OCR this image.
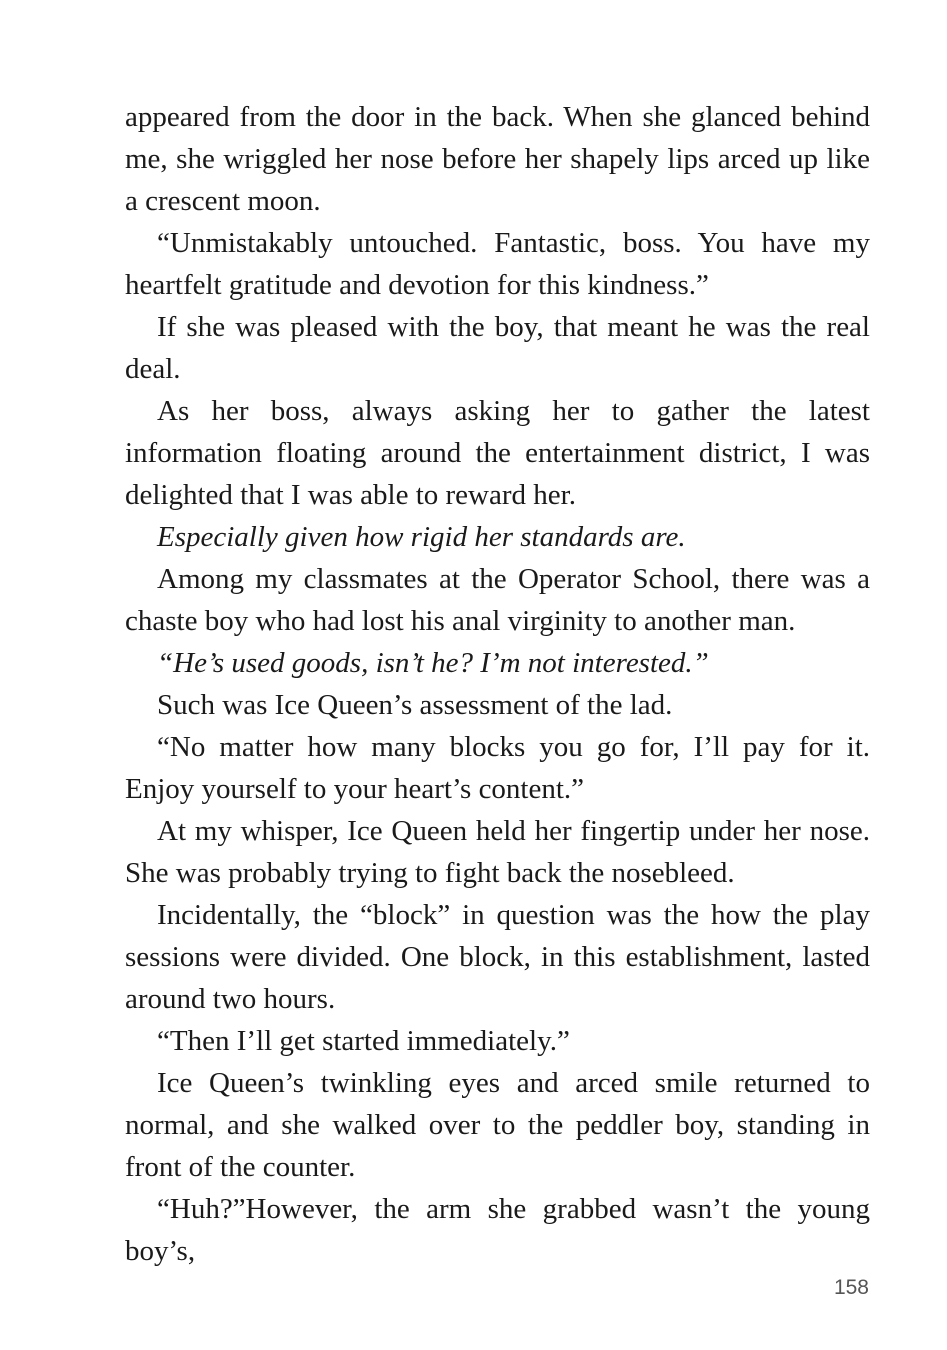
appeared from the door in the back. When she glanced behind me, she wriggled her nose before her shapely lips arced up like a crescent moon.

“Unmistakably untouched. Fantastic, boss. You have my heartfelt gratitude and devotion for this kindness.”

If she was pleased with the boy, that meant he was the real deal.

As her boss, always asking her to gather the latest information floating around the entertainment district, I was delighted that I was able to reward her.

Especially given how rigid her standards are.

Among my classmates at the Operator School, there was a chaste boy who had lost his anal virginity to another man.

“He’s used goods, isn’t he? I’m not interested.”

Such was Ice Queen’s assessment of the lad.

“No matter how many blocks you go for, I’ll pay for it. Enjoy yourself to your heart’s content.”

At my whisper, Ice Queen held her fingertip under her nose. She was probably trying to fight back the nosebleed.

Incidentally, the “block” in question was the how the play sessions were divided. One block, in this establishment, lasted around two hours.

“Then I’ll get started immediately.”

Ice Queen’s twinkling eyes and arced smile returned to normal, and she walked over to the peddler boy, standing in front of the counter.

“Huh?”However, the arm she grabbed wasn’t the young boy’s,

158
